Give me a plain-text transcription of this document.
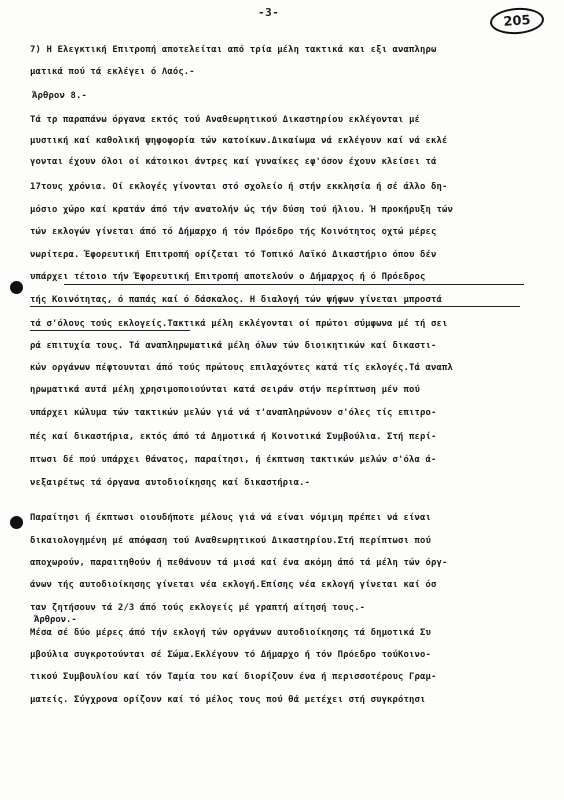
-3-
205
7) Η Ελεγκτική Επιτροπή αποτελείται από τρία μέλη τακτικά και εξι αναπληρω
ματικά πού τά εκλέγει ό Λαός.-
Άρθρον 8.-
Τά τρ παραπάνω όργανα εκτός τού Αναθεωρητικού Δικαστηρίου εκλέγονται μέ
μυστική καί καθολική ψηφοφορία τών κατοίκων.Δικαίωμα νά εκλέγουν καί νά εκλέ
γονται έχουν όλοι οί κάτοικοι άντρες καί γυναίκες εφ'όσον έχουν κλείσει τά
17τους χρόνια. Οί εκλογές γίνονται στό σχολείο ή στήν εκκλησία ή σέ άλλο δη-
μόσιο χώρο καί κρατάν άπό τήν ανατολήν ώς τήν δύση τού ήλιου. Ή προκήρυξη τών
τών εκλογών γίνεται άπό τό Δήμαρχο ή τόν Πρόεδρο τής Κοινότητος οχτώ μέρες
νωρίτερα. Έφορευτική Επιτροπή ορίζεται τό Τοπικό Λαϊκό Δικαστήριο όπου δέν
υπάρχει τέτοιο τήν Έφορευτική Επιτροπή αποτελούν ο Δήμαρχος ή ό Πρόεδρος
τής Κοινότητας, ό παπάς καί ό δάσκαλος. Η διαλογή τών ψήφων γίνεται μπροστά
τά σ'όλους τούς εκλογείς.Τακτικά μέλη εκλέγονται οί πρώτοι σύμφωνα μέ τή σει
ρά επιτυχία τους. Τά αναπληρωματικά μέλη όλων τών διοικητικών καί δικαστι-
κών οργάνων πέφτουνται άπό τούς πρώτους επιλαχόντες κατά τίς εκλογές.Τά αναπλ
ηρωματικά αυτά μέλη χρησιμοποιούνται κατά σειράν στήν περίπτωση μέν πού
υπάρχει κώλυμα τών τακτικών μελών γιά νά τ'αναπληρώνουν σ'όλες τίς επιτρο-
πές καί δικαστήρια, εκτός άπό τά Δημοτικά ή Κοινοτικά Συμβούλια. Στή περί-
πτωσι δέ πού υπάρχει θάνατος, παραίτησι, ή έκπτωση τακτικών μελών σ'όλα ά-
νεξαιρέτως τά όργανα αυτοδιοίκησης καί δικαστήρια.-
Παραίτησι ή έκπτωσι οιουδήποτε μέλους γιά νά είναι νόμιμη πρέπει νά είναι
δικαιολογημένη μέ απόφαση τού Αναθεωρητικού Δικαστηρίου.Στή περίπτωσι πού
αποχωρούν, παραιτηθούν ή πεθάνουν τά μισά καί ένα ακόμη άπό τά μέλη τών όργ-
άνων τής αυτοδιοίκησης γίνεται νέα εκλογή.Επίσης νέα εκλογή γίνεται καί όσ
ταν ζητήσουν τά 2/3 άπό τούς εκλογείς μέ γραπτή αίτησή τους.-
Άρθρον.-
Μέσα σέ δύο μέρες άπό τήν εκλογή τών οργάνων αυτοδιοίκησης τά δημοτικά Συ
μβούλια συγκροτούνται σέ Σώμα.Εκλέγουν τό Δήμαρχο ή τόν Πρόεδρο τούΚοινο-
τικού Συμβουλίου καί τόν Ταμία του καί διορίζουν ένα ή περισσοτέρους Γραμ-
ματείς. Σύγχρονα ορίζουν καί τό μέλος τους πού θά μετέχει στή συγκρότησι
